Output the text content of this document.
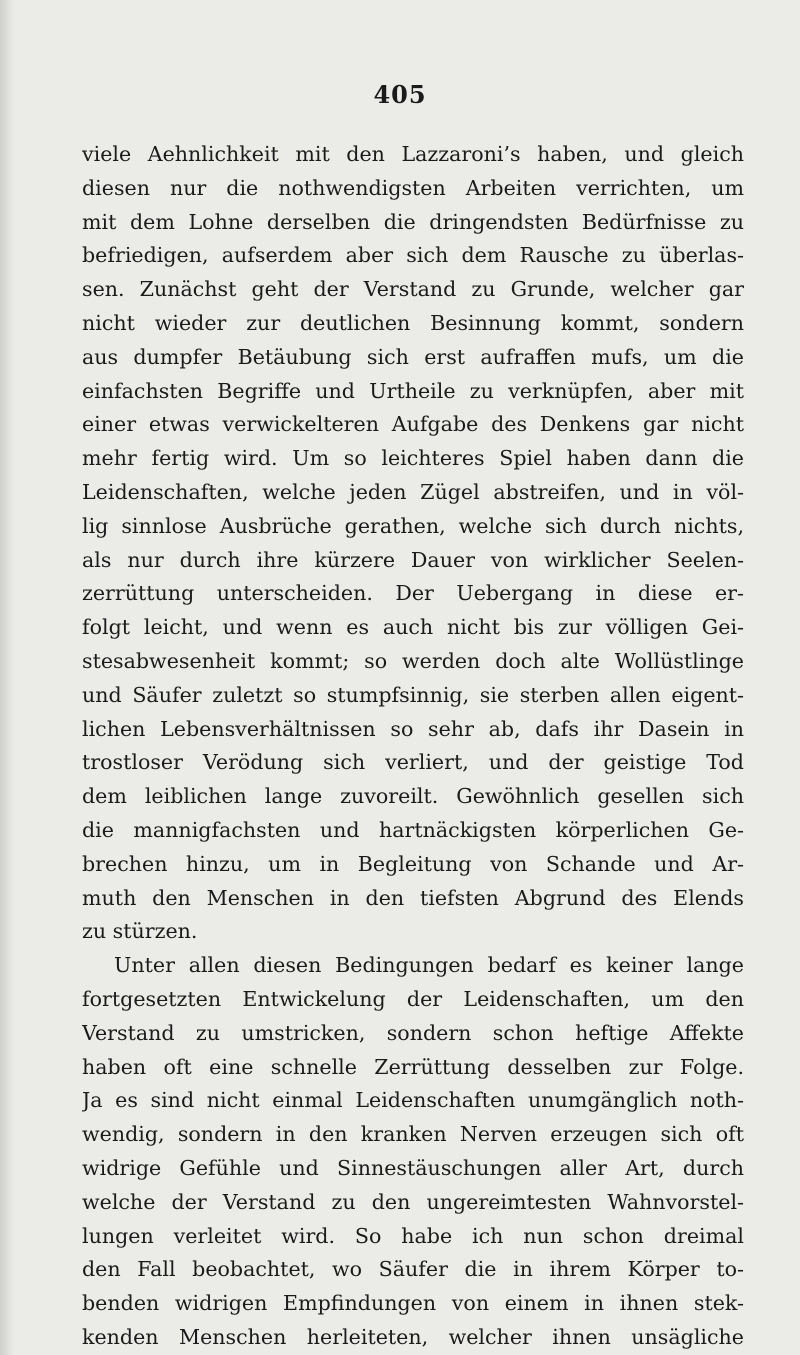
405
viele Aehnlichkeit mit den Lazzaroni’s haben, und gleich
diesen nur die nothwendigsten Arbeiten verrichten, um
mit dem Lohne derselben die dringendsten Bedürfnisse zu
befriedigen, aufserdem aber sich dem Rausche zu überlas-
sen. Zunächst geht der Verstand zu Grunde, welcher gar
nicht wieder zur deutlichen Besinnung kommt, sondern
aus dumpfer Betäubung sich erst aufraffen mufs, um die
einfachsten Begriffe und Urtheile zu verknüpfen, aber mit
einer etwas verwickelteren Aufgabe des Denkens gar nicht
mehr fertig wird. Um so leichteres Spiel haben dann die
Leidenschaften, welche jeden Zügel abstreifen, und in völ-
lig sinnlose Ausbrüche gerathen, welche sich durch nichts,
als nur durch ihre kürzere Dauer von wirklicher Seelen-
zerrüttung unterscheiden. Der Uebergang in diese er-
folgt leicht, und wenn es auch nicht bis zur völligen Gei-
stesabwesenheit kommt; so werden doch alte Wollüstlinge
und Säufer zuletzt so stumpfsinnig, sie sterben allen eigent-
lichen Lebensverhältnissen so sehr ab, dafs ihr Dasein in
trostloser Verödung sich verliert, und der geistige Tod
dem leiblichen lange zuvoreilt. Gewöhnlich gesellen sich
die mannigfachsten und hartnäckigsten körperlichen Ge-
brechen hinzu, um in Begleitung von Schande und Ar-
muth den Menschen in den tiefsten Abgrund des Elends
zu stürzen.
Unter allen diesen Bedingungen bedarf es keiner lange
fortgesetzten Entwickelung der Leidenschaften, um den
Verstand zu umstricken, sondern schon heftige Affekte
haben oft eine schnelle Zerrüttung desselben zur Folge.
Ja es sind nicht einmal Leidenschaften unumgänglich noth-
wendig, sondern in den kranken Nerven erzeugen sich oft
widrige Gefühle und Sinnestäuschungen aller Art, durch
welche der Verstand zu den ungereimtesten Wahnvorstel-
lungen verleitet wird. So habe ich nun schon dreimal
den Fall beobachtet, wo Säufer die in ihrem Körper to-
benden widrigen Empfindungen von einem in ihnen stek-
kenden Menschen herleiteten, welcher ihnen unsägliche
